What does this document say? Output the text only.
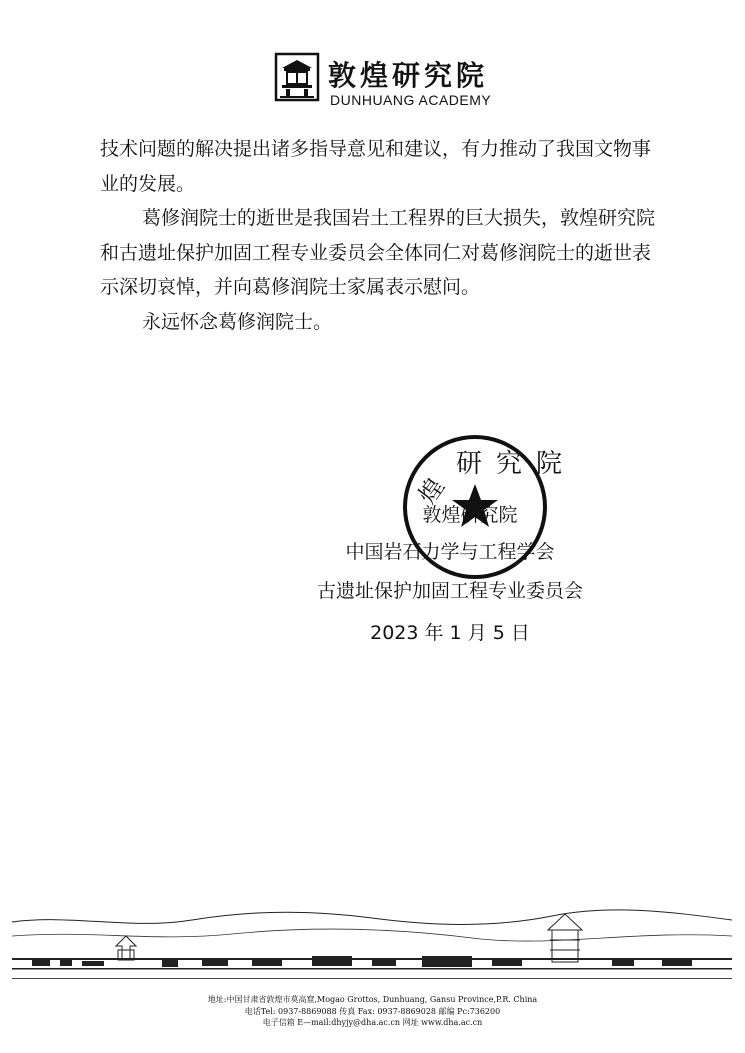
敦煌研究院
DUNHUANG ACADEMY

技术问题的解决提出诸多指导意见和建议，有力推动了我国文物事业的发展。

葛修润院士的逝世是我国岩土工程界的巨大损失，敦煌研究院和古遗址保护加固工程专业委员会全体同仁对葛修润院士的逝世表示深切哀悼，并向葛修润院士家属表示慰问。

永远怀念葛修润院士。

煌
研究院
敦煌研究院
中国岩石力学与工程学会
古遗址保护加固工程专业委员会
2023 年 1 月 5 日
地址:中国甘肃省敦煌市莫高窟,Mogao Grottos, Dunhuang, Gansu Province,P.R. China
电话Tel: 0937-8869088 传真 Fax: 0937-8869028 邮编 Pc:736200
电子信箱 E—mail:dhyjy@dha.ac.cn 网址 www.dha.ac.cn
